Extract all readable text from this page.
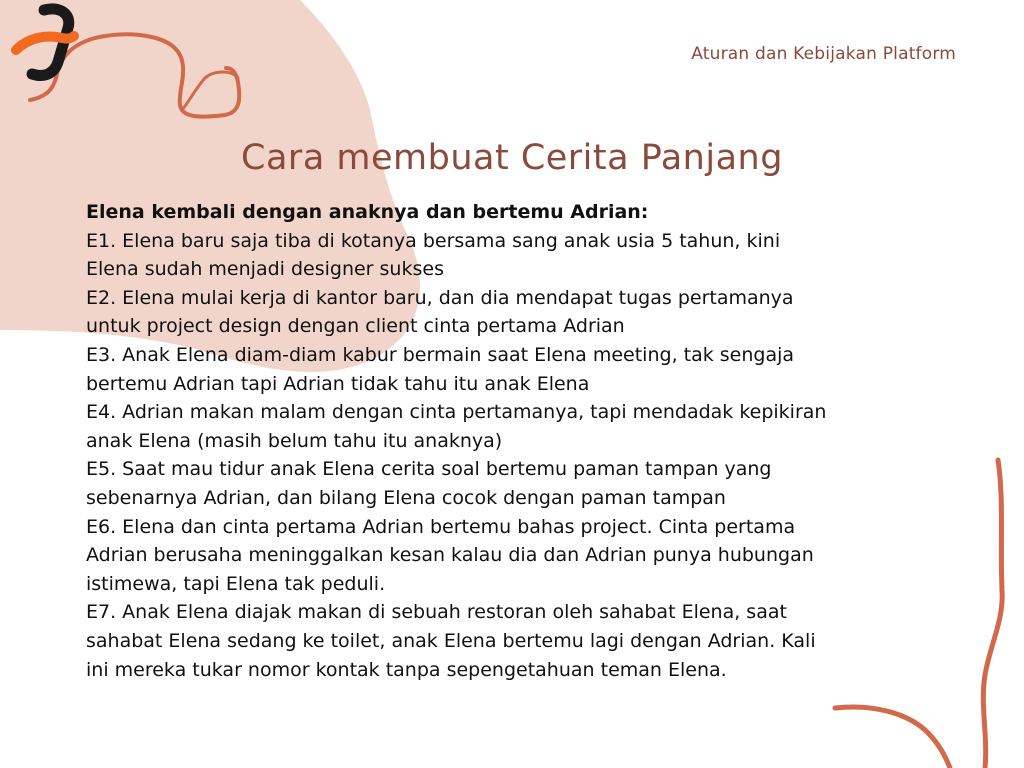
Aturan dan Kebijakan Platform
Cara membuat Cerita Panjang
Elena kembali dengan anaknya dan bertemu Adrian:
E1. Elena baru saja tiba di kotanya bersama sang anak usia 5 tahun, kini
Elena sudah menjadi designer sukses
E2. Elena mulai kerja di kantor baru, dan dia mendapat tugas pertamanya
untuk project design dengan client cinta pertama Adrian
E3. Anak Elena diam-diam kabur bermain saat Elena meeting, tak sengaja
bertemu Adrian tapi Adrian tidak tahu itu anak Elena
E4. Adrian makan malam dengan cinta pertamanya, tapi mendadak kepikiran
anak Elena (masih belum tahu itu anaknya)
E5. Saat mau tidur anak Elena cerita soal bertemu paman tampan yang
sebenarnya Adrian, dan bilang Elena cocok dengan paman tampan
E6. Elena dan cinta pertama Adrian bertemu bahas project. Cinta pertama
Adrian berusaha meninggalkan kesan kalau dia dan Adrian punya hubungan
istimewa, tapi Elena tak peduli.
E7. Anak Elena diajak makan di sebuah restoran oleh sahabat Elena, saat
sahabat Elena sedang ke toilet, anak Elena bertemu lagi dengan Adrian. Kali
ini mereka tukar nomor kontak tanpa sepengetahuan teman Elena.
